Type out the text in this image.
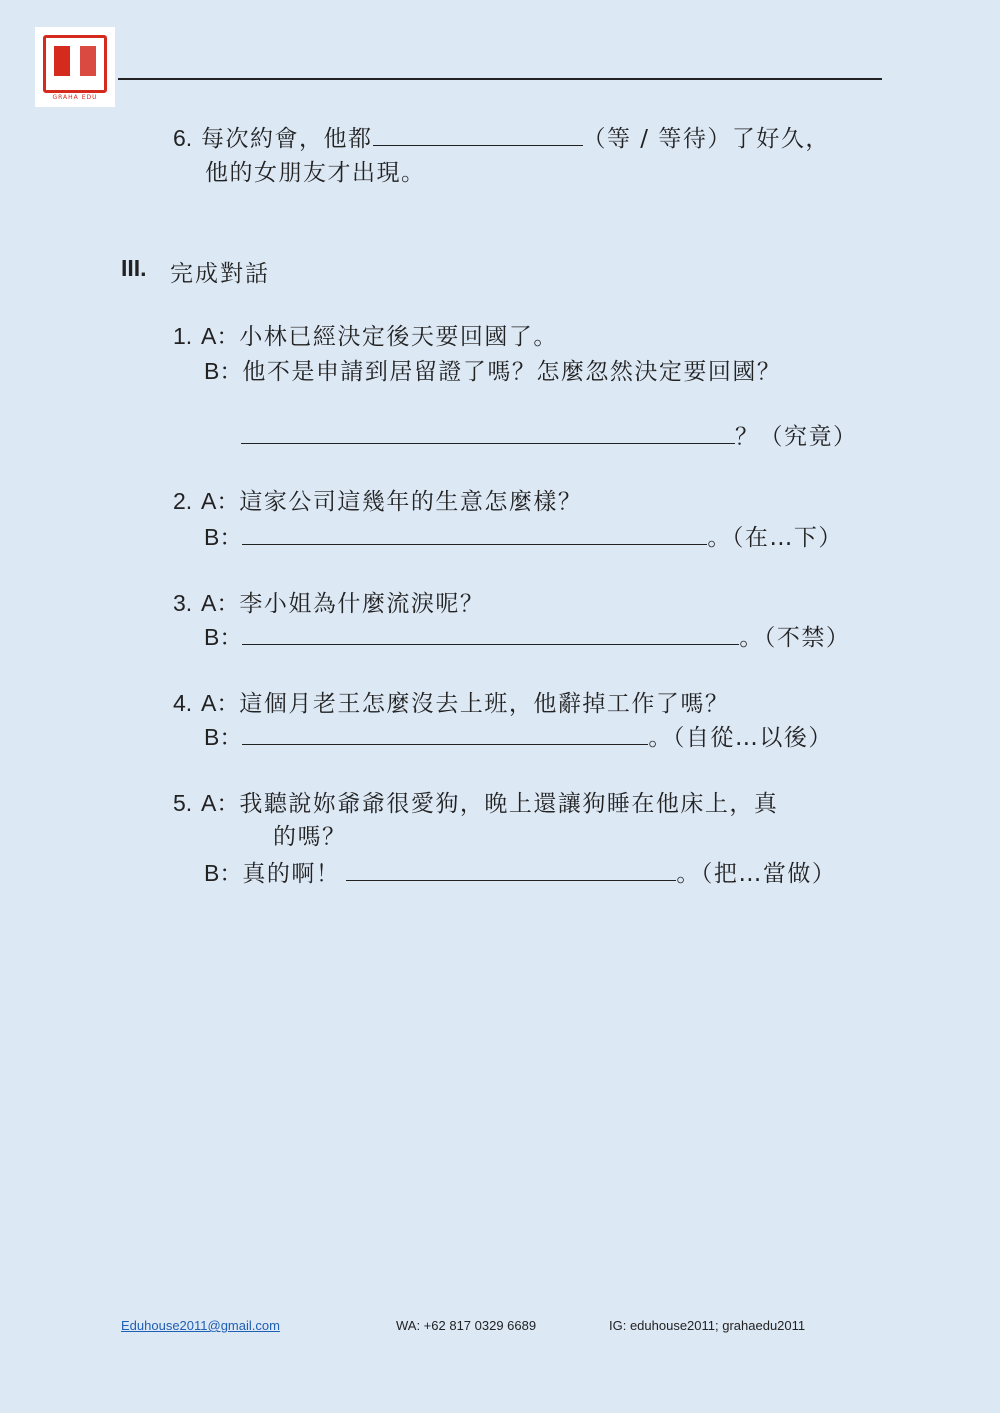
GRAHA EDU
6. 每次約會，他都	（等 / 等待）了好久，
他的女朋友才出現。
III. 完成對話
1. A：小林已經決定後天要回國了。
B：他不是申請到居留證了嗎？怎麼忽然決定要回國？
？（究竟）
2. A：這家公司這幾年的生意怎麼樣？
B：	。（在…下）
3. A：李小姐為什麼流淚呢？
B：	。（不禁）
4. A：這個月老王怎麼沒去上班，他辭掉工作了嗎？
B：	。（自從…以後）
5. A：我聽說妳爺爺很愛狗，晚上還讓狗睡在他床上，真
的嗎？
B：真的啊！	。（把…當做）
Eduhouse2011@gmail.com	WA: +62 817 0329 6689	IG: eduhouse2011; grahaedu2011
